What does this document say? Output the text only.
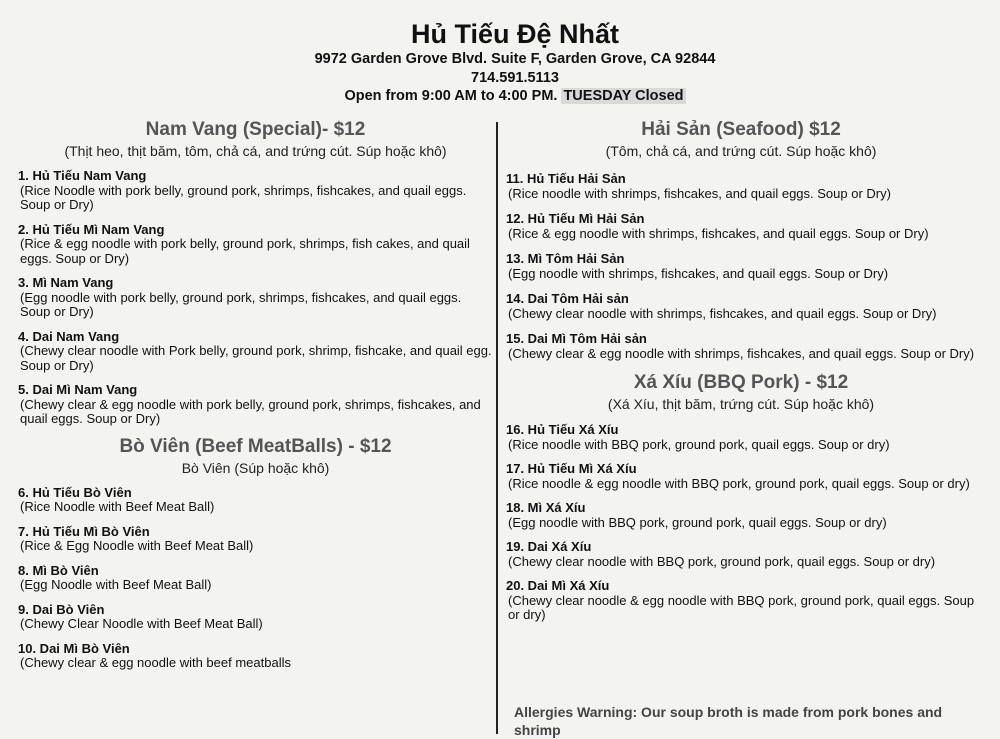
Hủ Tiếu Đệ Nhất
9972 Garden Grove Blvd. Suite F, Garden Grove, CA 92844
714.591.5113
Open from 9:00 AM to 4:00 PM. TUESDAY Closed
Nam Vang (Special)- $12
(Thịt heo, thịt băm, tôm, chả cá, and trứng cút. Súp hoặc khô)
1. Hủ Tiếu Nam Vang
(Rice Noodle with pork belly, ground pork, shrimps, fishcakes, and quail eggs. Soup or Dry)
2. Hủ Tiếu Mì Nam Vang
(Rice & egg noodle with pork belly, ground pork, shrimps, fish cakes, and quail eggs. Soup or Dry)
3. Mì Nam Vang
(Egg noodle with pork belly, ground pork, shrimps, fishcakes, and quail eggs. Soup or Dry)
4. Dai Nam Vang
(Chewy clear noodle with Pork belly, ground pork, shrimp, fishcake, and quail egg. Soup or Dry)
5. Dai Mì Nam Vang
(Chewy clear & egg noodle with pork belly, ground pork, shrimps, fishcakes, and quail eggs. Soup or Dry)
Bò Viên (Beef MeatBalls) - $12
Bò Viên (Súp hoặc khô)
6. Hủ Tiếu Bò Viên
(Rice Noodle with Beef Meat Ball)
7. Hủ Tiếu Mì Bò Viên
(Rice & Egg Noodle with Beef Meat Ball)
8. Mì Bò Viên
(Egg Noodle with Beef Meat Ball)
9. Dai Bò Viên
(Chewy Clear Noodle with Beef Meat Ball)
10. Dai Mì Bò Viên
(Chewy clear & egg noodle with beef meatballs
Hải Sản (Seafood) $12
(Tôm, chả cá, and trứng cút. Súp hoặc khô)
11. Hủ Tiếu Hải Sản
(Rice noodle with shrimps, fishcakes, and quail eggs. Soup or Dry)
12. Hủ Tiếu Mì Hải Sản
(Rice & egg noodle with shrimps, fishcakes, and quail eggs. Soup or Dry)
13. Mì Tôm Hải Sản
(Egg noodle with shrimps, fishcakes, and quail eggs. Soup or Dry)
14. Dai Tôm Hải sản
(Chewy clear noodle with shrimps, fishcakes, and quail eggs. Soup or Dry)
15. Dai Mì Tôm Hải sản
(Chewy clear & egg noodle with shrimps, fishcakes, and quail eggs. Soup or Dry)
Xá Xíu (BBQ Pork) - $12
(Xá Xíu, thịt băm, trứng cút. Súp hoặc khô)
16. Hủ Tiếu Xá Xíu
(Rice noodle with BBQ pork, ground pork, quail eggs. Soup or dry)
17. Hủ Tiếu Mì Xá Xíu
(Rice noodle & egg noodle with BBQ pork, ground pork, quail eggs. Soup or dry)
18. Mì Xá Xíu
(Egg noodle with BBQ pork, ground pork, quail eggs. Soup or dry)
19. Dai Xá Xíu
(Chewy clear noodle with BBQ pork, ground pork, quail eggs. Soup or dry)
20. Dai Mì Xá Xíu
(Chewy clear noodle & egg noodle with BBQ pork, ground pork, quail eggs. Soup or dry)
Allergies Warning: Our soup broth is made from pork bones and shrimp
